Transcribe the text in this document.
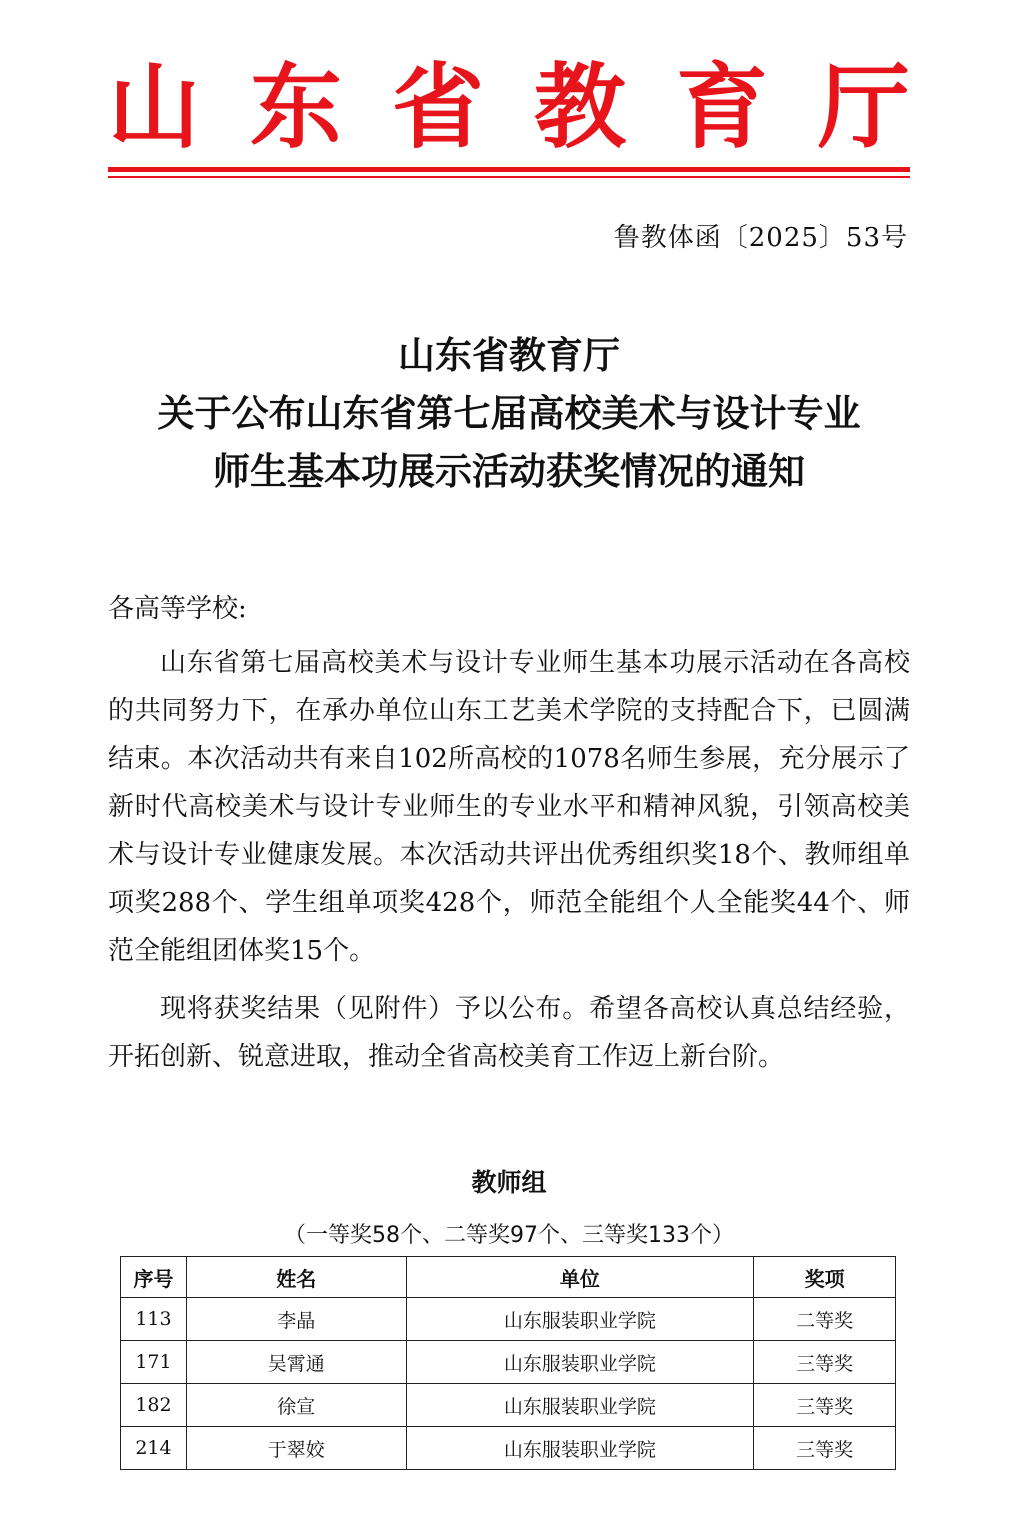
山 东 省 教 育 厅
鲁教体函〔2025〕53号
山东省教育厅
关于公布山东省第七届高校美术与设计专业
师生基本功展示活动获奖情况的通知

各高等学校:

山东省第七届高校美术与设计专业师生基本功展示活动在各高校的共同努力下，在承办单位山东工艺美术学院的支持配合下，已圆满结束。本次活动共有来自102所高校的1078名师生参展，充分展示了新时代高校美术与设计专业师生的专业水平和精神风貌，引领高校美术与设计专业健康发展。本次活动共评出优秀组织奖18个、教师组单项奖288个、学生组单项奖428个，师范全能组个人全能奖44个、师范全能组团体奖15个。

现将获奖结果（见附件）予以公布。希望各高校认真总结经验，开拓创新、锐意进取，推动全省高校美育工作迈上新台阶。

教师组
（一等奖58个、二等奖97个、三等奖133个）
序号	姓名	单位	奖项
113	李晶	山东服装职业学院	二等奖
171	吴霄通	山东服装职业学院	三等奖
182	徐宣	山东服装职业学院	三等奖
214	于翠姣	山东服装职业学院	三等奖
